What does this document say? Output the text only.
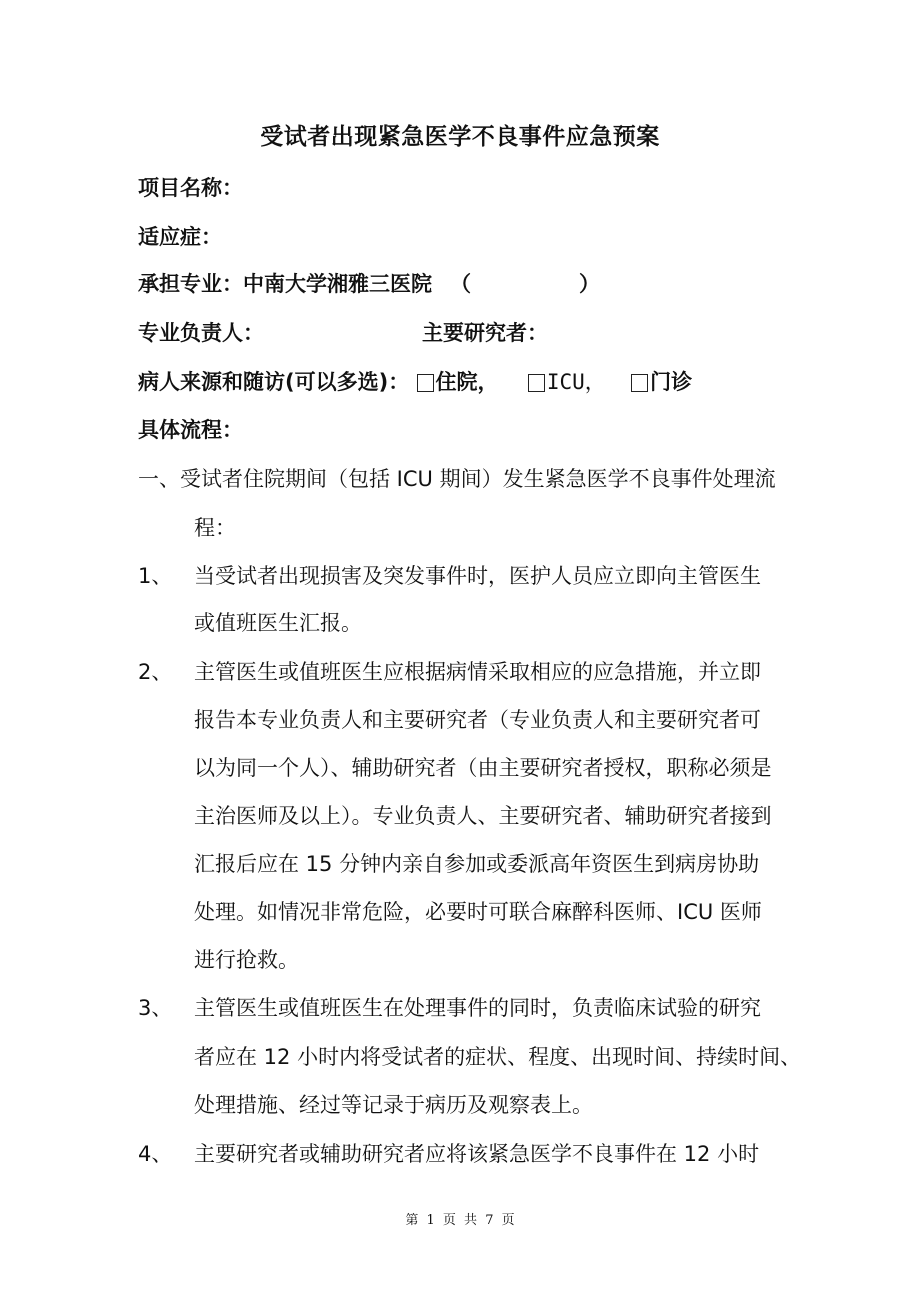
受试者出现紧急医学不良事件应急预案
项目名称：
适应症：
承担专业：中南大学湘雅三医院 （	）
专业负责人：	主要研究者：
病人来源和随访(可以多选)： 住院， ICU， 门诊
具体流程：
一、受试者住院期间（包括 ICU 期间）发生紧急医学不良事件处理流
程：
1、 当受试者出现损害及突发事件时，医护人员应立即向主管医生
或值班医生汇报。
2、 主管医生或值班医生应根据病情采取相应的应急措施，并立即
报告本专业负责人和主要研究者（专业负责人和主要研究者可
以为同一个人）、辅助研究者（由主要研究者授权，职称必须是
主治医师及以上）。专业负责人、主要研究者、辅助研究者接到
汇报后应在 15 分钟内亲自参加或委派高年资医生到病房协助
处理。如情况非常危险，必要时可联合麻醉科医师、ICU 医师
进行抢救。
3、 主管医生或值班医生在处理事件的同时，负责临床试验的研究
者应在 12 小时内将受试者的症状、程度、出现时间、持续时间、
处理措施、经过等记录于病历及观察表上。
4、 主要研究者或辅助研究者应将该紧急医学不良事件在 12 小时
第 1 页 共 7 页
